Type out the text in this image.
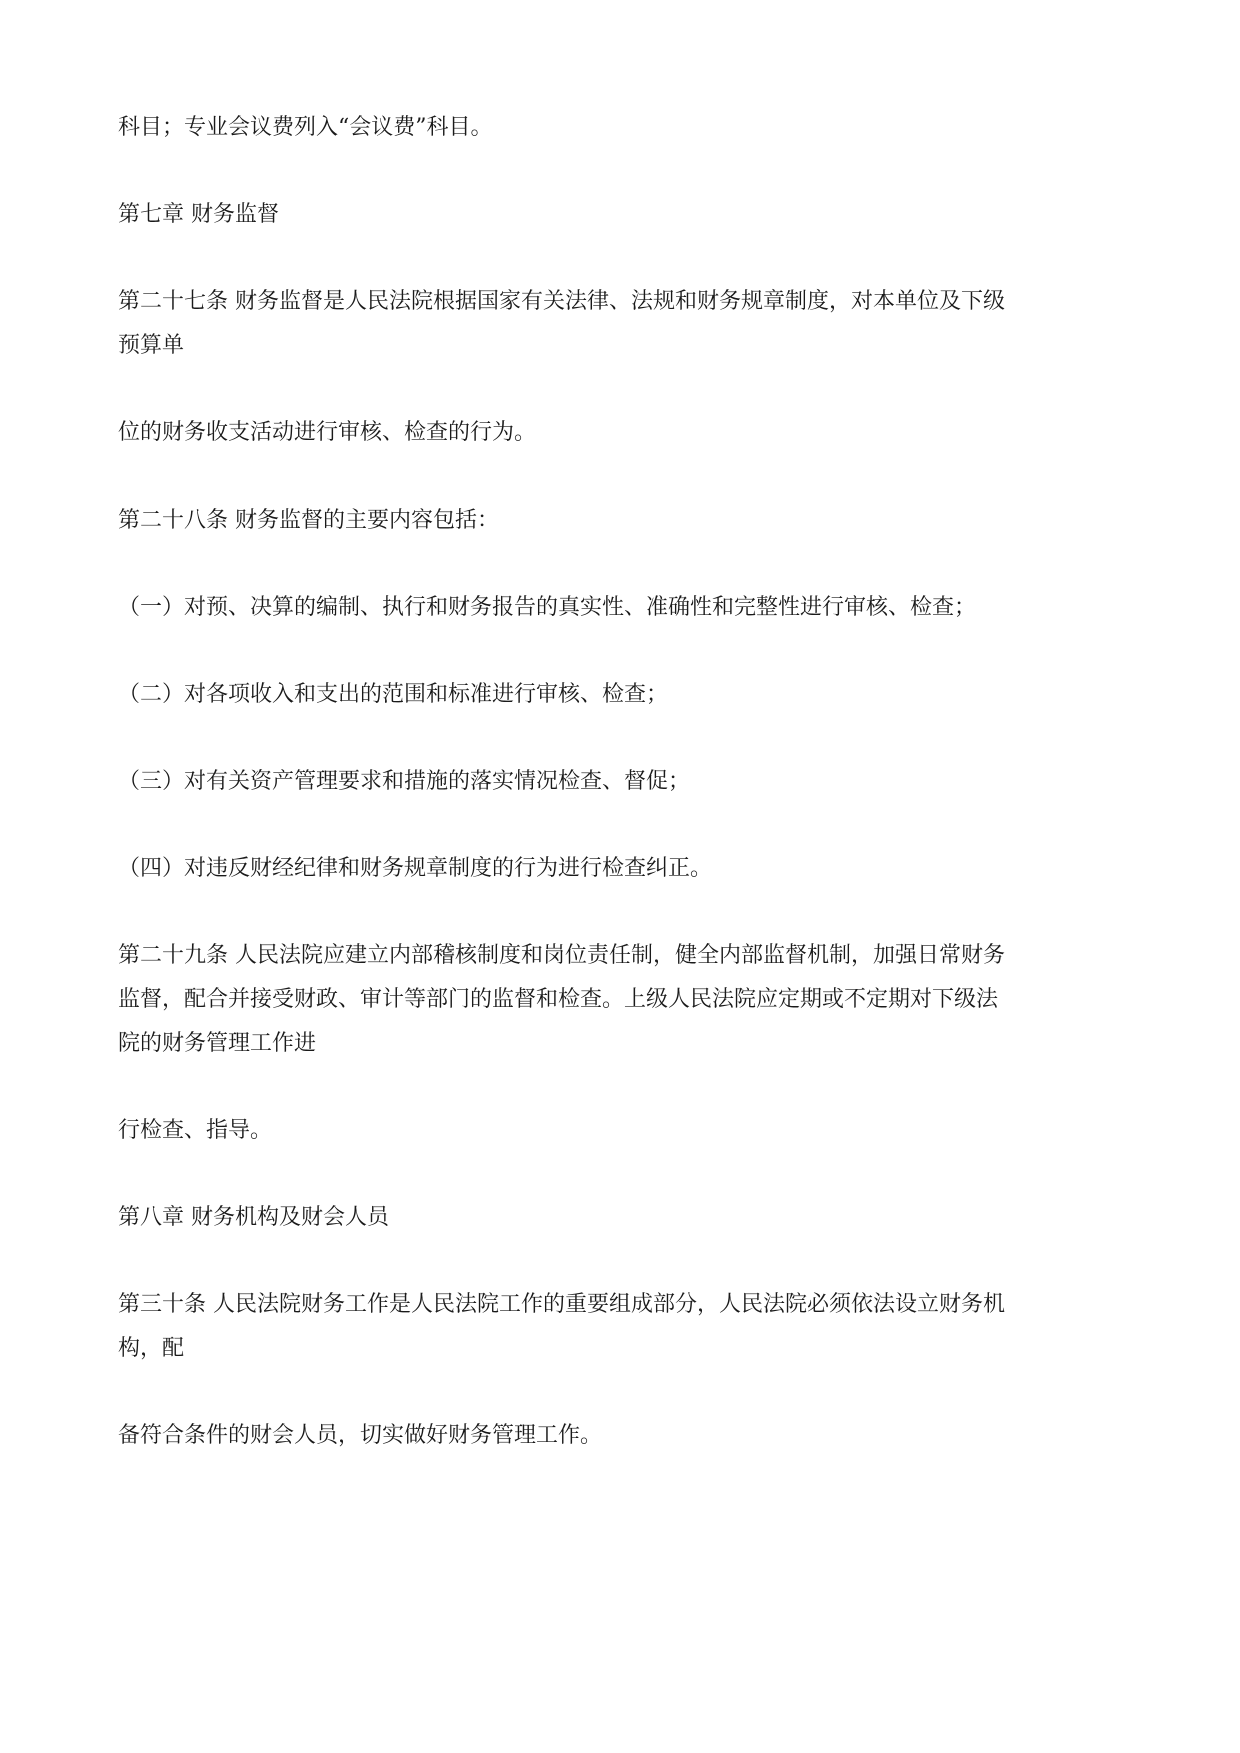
科目；专业会议费列入“会议费”科目。

第七章 财务监督

第二十七条 财务监督是人民法院根据国家有关法律、法规和财务规章制度，对本单位及下级

预算单

位的财务收支活动进行审核、检查的行为。

第二十八条 财务监督的主要内容包括：

（一）对预、决算的编制、执行和财务报告的真实性、准确性和完整性进行审核、检查；

（二）对各项收入和支出的范围和标准进行审核、检查；

（三）对有关资产管理要求和措施的落实情况检查、督促；

（四）对违反财经纪律和财务规章制度的行为进行检查纠正。

第二十九条 人民法院应建立内部稽核制度和岗位责任制，健全内部监督机制，加强日常财务

监督，配合并接受财政、审计等部门的监督和检查。上级人民法院应定期或不定期对下级法

院的财务管理工作进

行检查、指导。

第八章 财务机构及财会人员

第三十条 人民法院财务工作是人民法院工作的重要组成部分，人民法院必须依法设立财务机

构，配

备符合条件的财会人员，切实做好财务管理工作。
